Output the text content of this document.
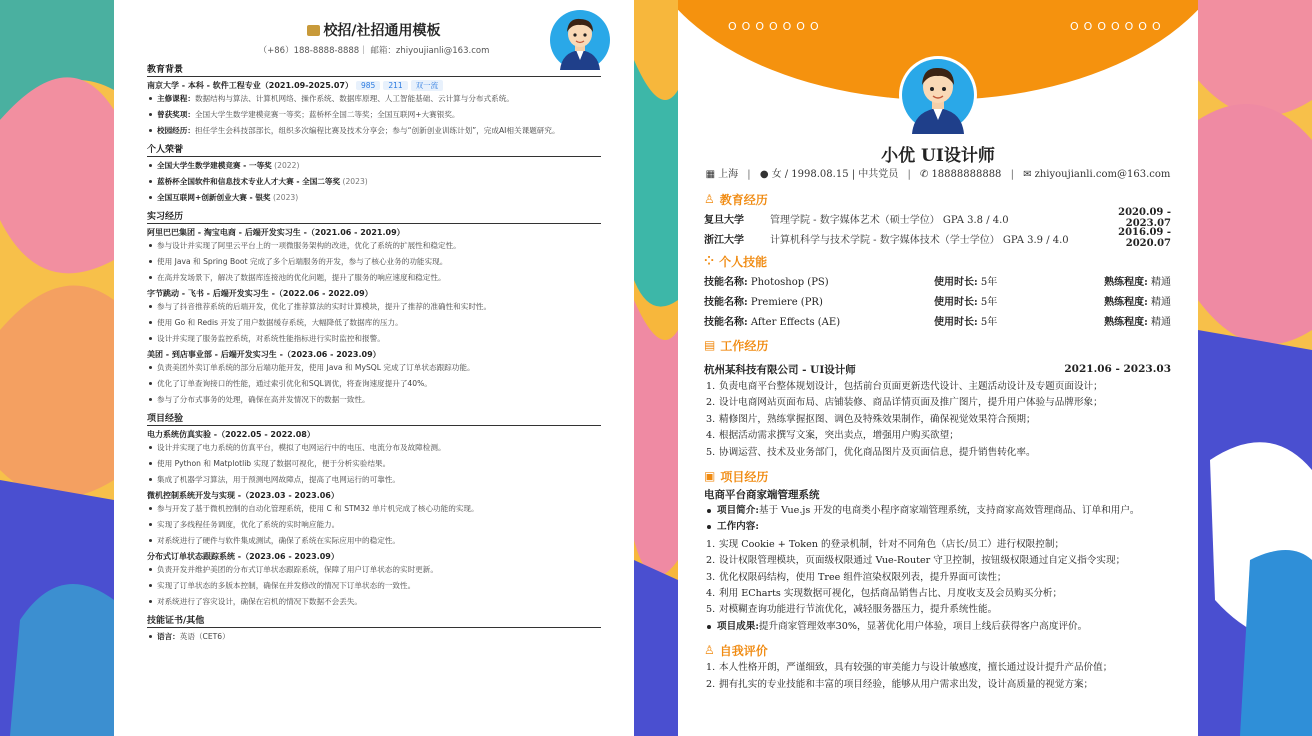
校招/社招通用模板
（+86）188-8888-8888｜ 邮箱：zhiyoujianli@163.com
教育背景
南京大学 - 本科 - 软件工程专业（2021.09-2025.07） 985 211 双一流
主修课程：数据结构与算法、计算机网络、操作系统、数据库原理、人工智能基础、云计算与分布式系统。
曾获奖项：全国大学生数学建模竞赛一等奖；蓝桥杯全国二等奖；全国互联网+大赛银奖。
校园经历：担任学生会科技部部长，组织多次编程比赛及技术分享会；参与“创新创业训练计划”，完成AI相关课题研究。
个人荣誉
全国大学生数学建模竞赛 - 一等奖 (2022)
蓝桥杯全国软件和信息技术专业人才大赛 - 全国二等奖 (2023)
全国互联网+创新创业大赛 - 银奖 (2023)
实习经历
阿里巴巴集团 - 淘宝电商 - 后端开发实习生 -（2021.06 - 2021.09）
参与设计并实现了阿里云平台上的一项微服务架构的改进，优化了系统的扩展性和稳定性。
使用 Java 和 Spring Boot 完成了多个后端服务的开发，参与了核心业务的功能实现。
在高并发场景下，解决了数据库连接池的优化问题，提升了服务的响应速度和稳定性。
字节跳动 - 飞书 - 后端开发实习生 -（2022.06 - 2022.09）
参与了抖音推荐系统的后端开发，优化了推荐算法的实时计算模块，提升了推荐的准确性和实时性。
使用 Go 和 Redis 开发了用户数据缓存系统，大幅降低了数据库的压力。
设计并实现了服务监控系统，对系统性能指标进行实时监控和报警。
美团 - 到店事业部 - 后端开发实习生 -（2023.06 - 2023.09）
负责美团外卖订单系统的部分后端功能开发，使用 Java 和 MySQL 完成了订单状态跟踪功能。
优化了订单查询接口的性能，通过索引优化和SQL调优，将查询速度提升了40%。
参与了分布式事务的处理，确保在高并发情况下的数据一致性。
项目经验
电力系统仿真实验 -（2022.05 - 2022.08）
设计并实现了电力系统的仿真平台，模拟了电网运行中的电压、电流分布及故障检测。
使用 Python 和 Matplotlib 实现了数据可视化，便于分析实验结果。
集成了机器学习算法，用于预测电网故障点，提高了电网运行的可靠性。
微机控制系统开发与实现 -（2023.03 - 2023.06）
参与开发了基于微机控制的自动化管理系统，使用 C 和 STM32 单片机完成了核心功能的实现。
实现了多线程任务调度，优化了系统的实时响应能力。
对系统进行了硬件与软件集成测试，确保了系统在实际应用中的稳定性。
分布式订单状态跟踪系统 -（2023.06 - 2023.09）
负责开发并维护美团的分布式订单状态跟踪系统，保障了用户订单状态的实时更新。
实现了订单状态的多版本控制，确保在并发修改的情况下订单状态的一致性。
对系统进行了容灾设计，确保在宕机的情况下数据不会丢失。
技能证书/其他
语言：英语（CET6）
OOOOOOO	OOOOOOO
小优 UI设计师
▦ 上海 | ● 女 / 1998.08.15 | 中共党员 | ✆ 18888888888 | ✉ zhiyoujianli.com@163.com
♙ 教育经历
复旦大学	管理学院 - 数字媒体艺术（硕士学位） GPA 3.8 / 4.0
2020.09 - 2023.07
浙江大学	计算机科学与技术学院 - 数字媒体技术（学士学位） GPA 3.9 / 4.0
2016.09 - 2020.07
⁘ 个人技能
技能名称: Photoshop (PS)	使用时长: 5年	熟练程度: 精通
技能名称: Premiere (PR)	使用时长: 5年	熟练程度: 精通
技能名称: After Effects (AE)	使用时长: 5年	熟练程度: 精通
▤ 工作经历
杭州某科技有限公司 - UI设计师	2021.06 - 2023.03
负责电商平台整体规划设计，包括前台页面更新迭代设计、主题活动设计及专题页面设计；
设计电商网站页面布局、店铺装修、商品详情页面及推广图片，提升用户体验与品牌形象；
精修图片，熟练掌握抠图、调色及特殊效果制作，确保视觉效果符合预期；
根据活动需求撰写文案，突出卖点，增强用户购买欲望；
协调运营、技术及业务部门，优化商品图片及页面信息，提升销售转化率。
▣ 项目经历
电商平台商家端管理系统
项目简介:基于 Vue.js 开发的电商类小程序商家端管理系统，支持商家高效管理商品、订单和用户。
工作内容:
实现 Cookie + Token 的登录机制，针对不同角色（店长/员工）进行权限控制；
设计权限管理模块，页面级权限通过 Vue-Router 守卫控制，按钮级权限通过自定义指令实现；
优化权限码结构，使用 Tree 组件渲染权限列表，提升界面可读性；
利用 ECharts 实现数据可视化，包括商品销售占比、月度收支及会员购买分析；
对模糊查询功能进行节流优化，减轻服务器压力，提升系统性能。
项目成果:提升商家管理效率30%，显著优化用户体验，项目上线后获得客户高度评价。
♙ 自我评价
本人性格开朗，严谨细致，具有较强的审美能力与设计敏感度，擅长通过设计提升产品价值；
拥有扎实的专业技能和丰富的项目经验，能够从用户需求出发，设计高质量的视觉方案；
